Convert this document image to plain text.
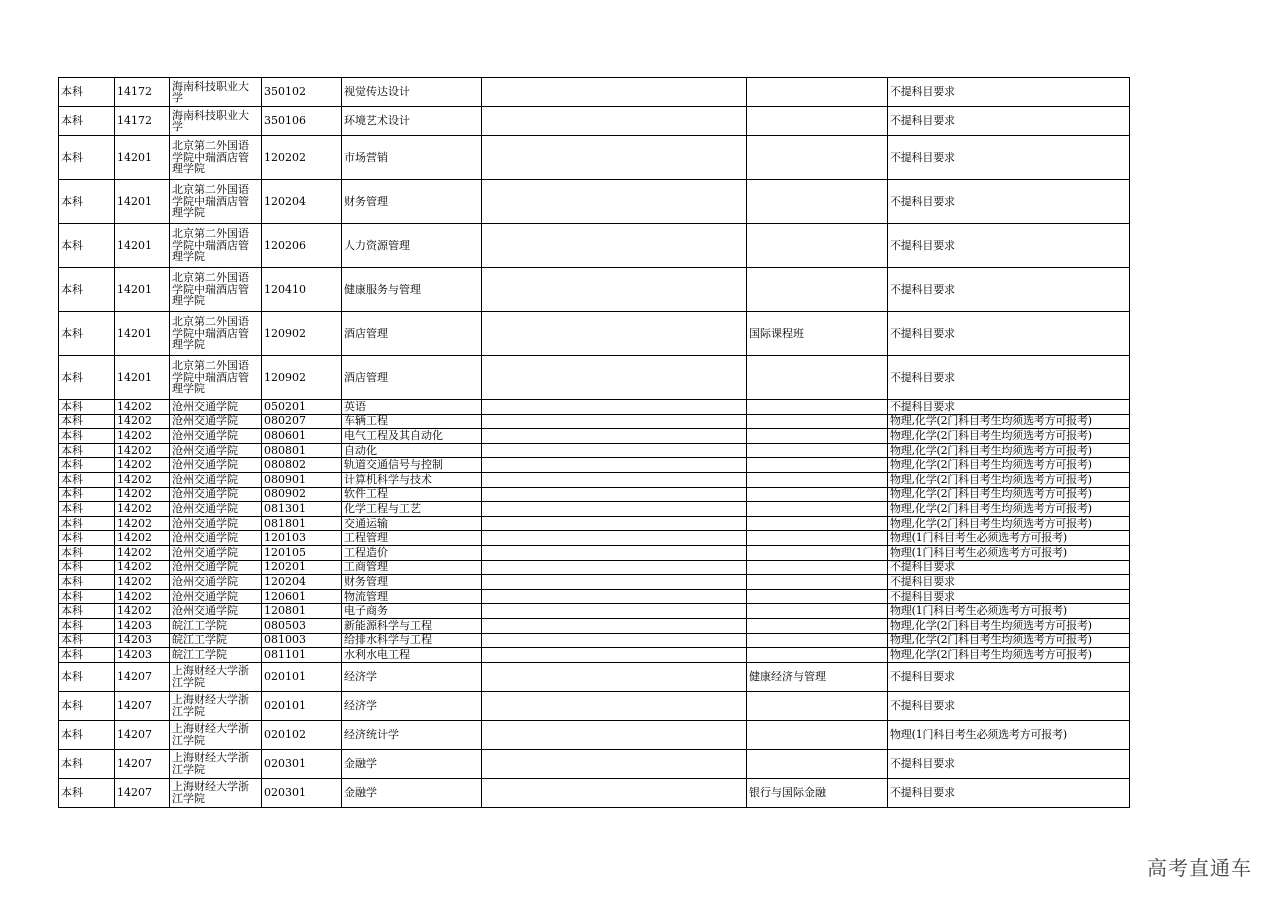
本科	14172	海南科技职业大学	350102	视觉传达设计			不提科目要求
本科	14172	海南科技职业大学	350106	环境艺术设计			不提科目要求
本科	14201	北京第二外国语学院中瑞酒店管理学院	120202	市场营销			不提科目要求
本科	14201	北京第二外国语学院中瑞酒店管理学院	120204	财务管理			不提科目要求
本科	14201	北京第二外国语学院中瑞酒店管理学院	120206	人力资源管理			不提科目要求
本科	14201	北京第二外国语学院中瑞酒店管理学院	120410	健康服务与管理			不提科目要求
本科	14201	北京第二外国语学院中瑞酒店管理学院	120902	酒店管理		国际课程班	不提科目要求
本科	14201	北京第二外国语学院中瑞酒店管理学院	120902	酒店管理			不提科目要求
本科	14202	沧州交通学院	050201	英语			不提科目要求
本科	14202	沧州交通学院	080207	车辆工程			物理,化学(2门科目考生均须选考方可报考)
本科	14202	沧州交通学院	080601	电气工程及其自动化			物理,化学(2门科目考生均须选考方可报考)
本科	14202	沧州交通学院	080801	自动化			物理,化学(2门科目考生均须选考方可报考)
本科	14202	沧州交通学院	080802	轨道交通信号与控制			物理,化学(2门科目考生均须选考方可报考)
本科	14202	沧州交通学院	080901	计算机科学与技术			物理,化学(2门科目考生均须选考方可报考)
本科	14202	沧州交通学院	080902	软件工程			物理,化学(2门科目考生均须选考方可报考)
本科	14202	沧州交通学院	081301	化学工程与工艺			物理,化学(2门科目考生均须选考方可报考)
本科	14202	沧州交通学院	081801	交通运输			物理,化学(2门科目考生均须选考方可报考)
本科	14202	沧州交通学院	120103	工程管理			物理(1门科目考生必须选考方可报考)
本科	14202	沧州交通学院	120105	工程造价			物理(1门科目考生必须选考方可报考)
本科	14202	沧州交通学院	120201	工商管理			不提科目要求
本科	14202	沧州交通学院	120204	财务管理			不提科目要求
本科	14202	沧州交通学院	120601	物流管理			不提科目要求
本科	14202	沧州交通学院	120801	电子商务			物理(1门科目考生必须选考方可报考)
本科	14203	皖江工学院	080503	新能源科学与工程			物理,化学(2门科目考生均须选考方可报考)
本科	14203	皖江工学院	081003	给排水科学与工程			物理,化学(2门科目考生均须选考方可报考)
本科	14203	皖江工学院	081101	水利水电工程			物理,化学(2门科目考生均须选考方可报考)
本科	14207	上海财经大学浙江学院	020101	经济学		健康经济与管理	不提科目要求
本科	14207	上海财经大学浙江学院	020101	经济学			不提科目要求
本科	14207	上海财经大学浙江学院	020102	经济统计学			物理(1门科目考生必须选考方可报考)
本科	14207	上海财经大学浙江学院	020301	金融学			不提科目要求
本科	14207	上海财经大学浙江学院	020301	金融学		银行与国际金融	不提科目要求
高考直通车
